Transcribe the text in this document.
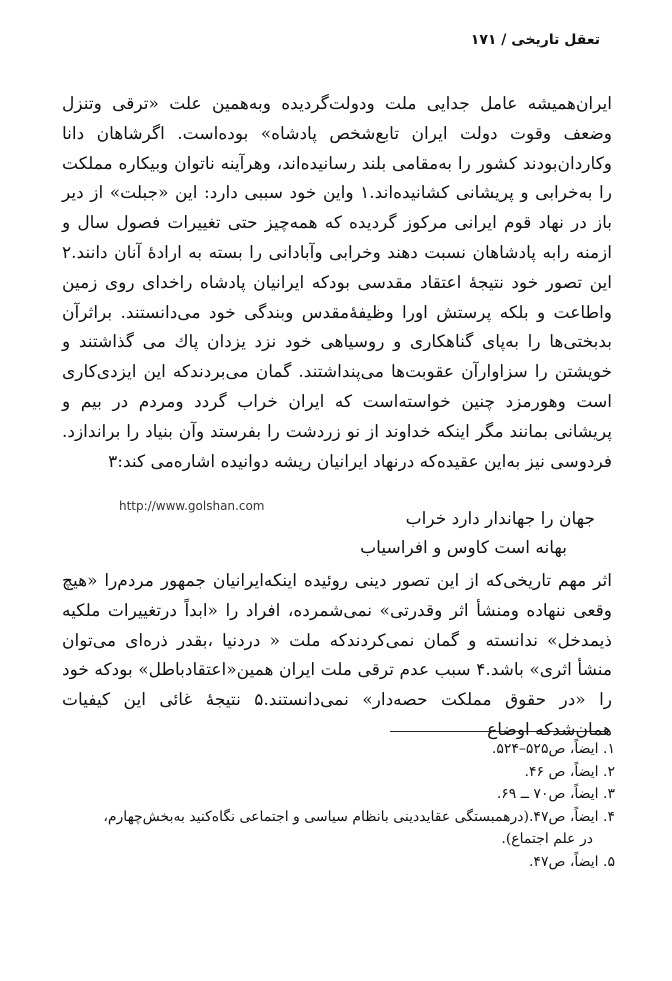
تعقل تاریخی / ۱۷۱

ایران‌همیشه عامل جدایی ملت ودولت‌گردیده وبه‌همین علت «ترقی وتنزل وضعف وقوت دولت ایران تابع‌شخص پادشاه» بوده‌است. اگرشاهان دانا وکاردان‌بودند کشور را به‌مقامی بلند رسانیده‌اند، وهرآینه ناتوان وبیکاره مملکت را به‌خرابی و پریشانی کشانیده‌اند.۱ واین خود سببی دارد: این «جبلت» از دیر باز در نهاد قوم ایرانی مرکوز گردیده که همه‌چیز حتی تغییرات فصول سال و ازمنه رابه پادشاهان نسبت دهند وخرابی وآبادانی را بسته به ارادهٔ آنان دانند.۲ این تصور خود نتیجهٔ اعتقاد مقدسی بودکه ایرانیان پادشاه راخدای روی زمین واطاعت و بلکه پرستش اورا وظیفهٔ‌مقدس وبندگی خود می‌دانستند. براثرآن بدبختی‌ها را به‌پای گناهکاری و روسیاهی خود نزد یزدان پاك می گذاشتند و خویشتن را سزاوارآن عقوبت‌ها می‌پنداشتند. گمان می‌بردندکه این ایزدی‌کاری است وهورمزد چنین خواسته‌است که ایران خراب گردد ومردم در بیم و پریشانی بمانند مگر اینکه خداوند از نو زردشت را بفرستد وآن بنیاد را براندازد. فردوسی نیز به‌این عقیده‌که درنهاد ایرانیان ریشه دوانیده اشاره‌می کند:۳

http://www.golshan.com
جهان را جهاندار دارد خراب
بهانه است کاوس و افراسیاب

اثر مهم تاریخی‌که از این تصور دینی روئیده اینکه‌ایرانیان جمهور مردم‌را «هیچ وقعی ننهاده ومنشأ اثر وقدرتی» نمی‌شمرده، افراد را «ابداً درتغییرات ملکیه ذیمدخل» ندانسته و گمان نمی‌کردندکه ملت « دردنیا ،بقدر ذره‌ای می‌توان منشأ اثری» باشد.۴ سبب عدم ترقی ملت ایران همین«اعتقادباطل» بودکه خود را «در حقوق مملکت حصه‌دار» نمی‌دانستند.۵ نتیجهٔ غائی این کیفیات همان‌شدکه اوضاع

۱. ایضاً، ص۵۲۵–۵۲۴.
۲. ایضاً، ص ۴۶.
۳. ایضاً، ص۷۰ ــ ۶۹.
۴. ایضاً، ص۴۷.(درهمبستگی عقایددینی بانظام سیاسی و اجتماعی نگاه‌کنید به‌بخش‌چهارم،
در علم اجتماع).
۵. ایضاً، ص۴۷.
